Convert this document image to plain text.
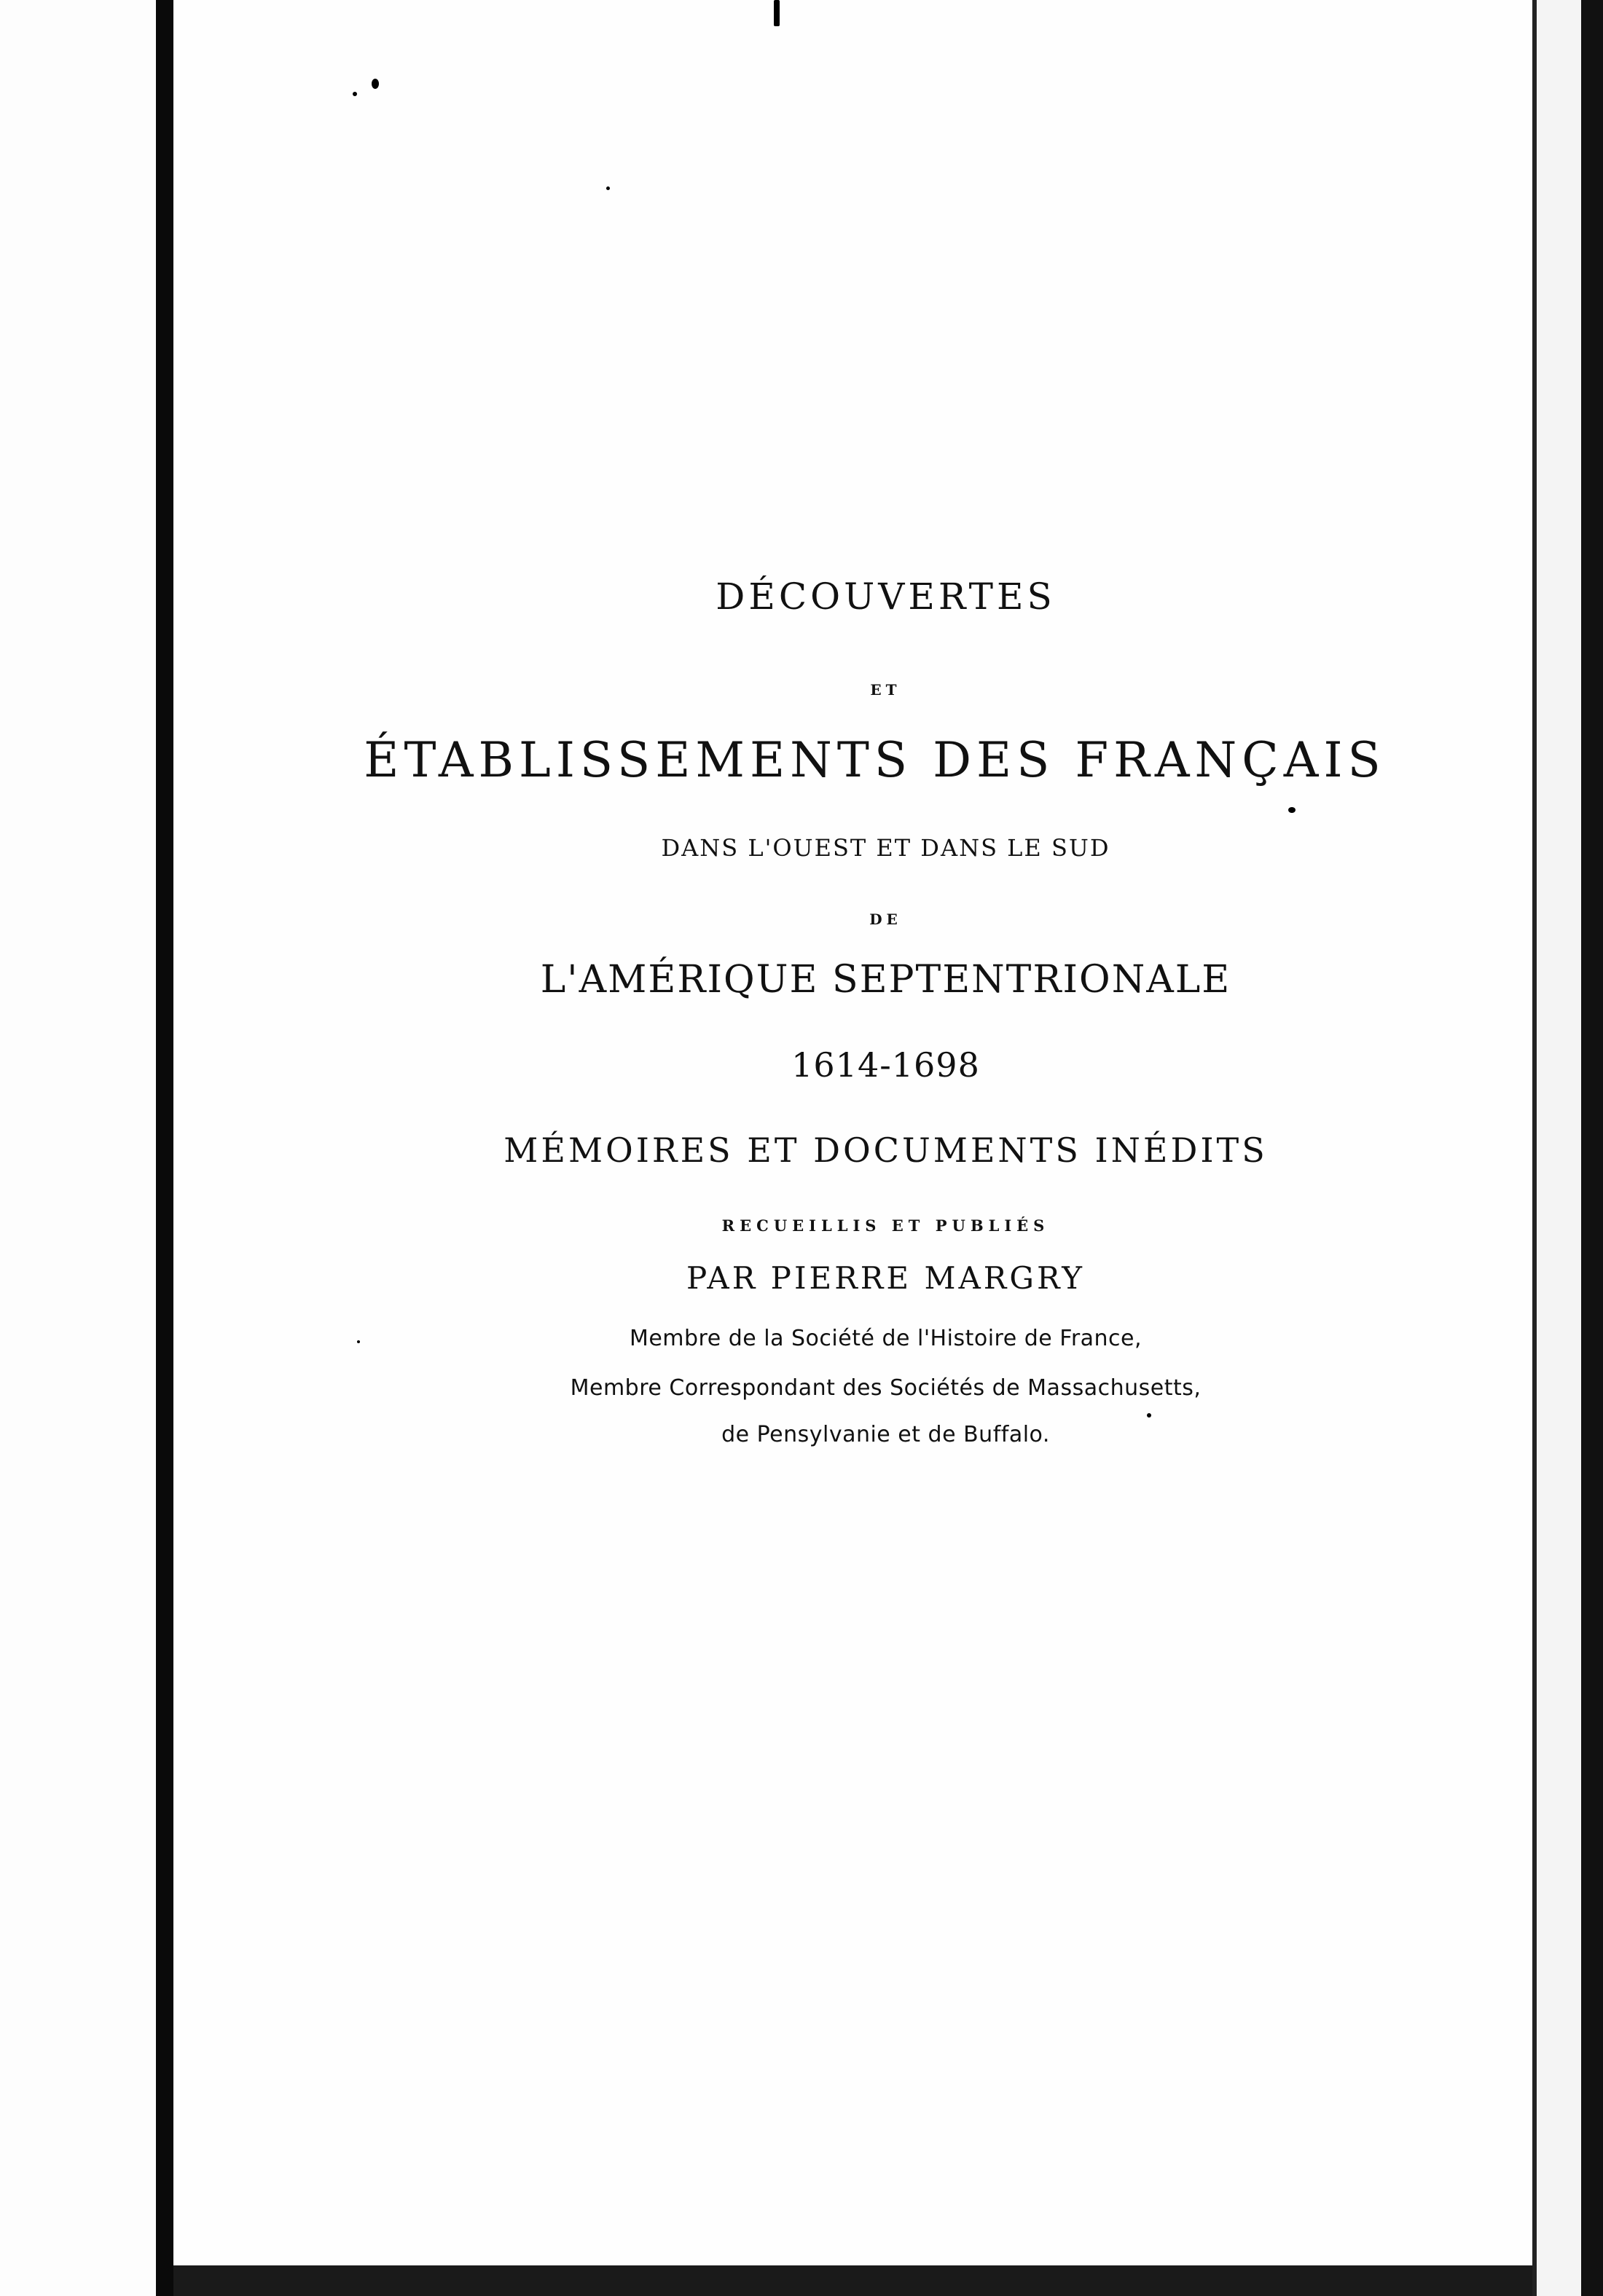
DÉCOUVERTES
ET
ÉTABLISSEMENTS DES FRANÇAIS
DANS L'OUEST ET DANS LE SUD
DE
L'AMÉRIQUE SEPTENTRIONALE
1614-1698
MÉMOIRES ET DOCUMENTS INÉDITS
RECUEILLIS ET PUBLIÉS
PAR PIERRE MARGRY
Membre de la Société de l'Histoire de France,
Membre Correspondant des Sociétés de Massachusetts,
de Pensylvanie et de Buffalo.
